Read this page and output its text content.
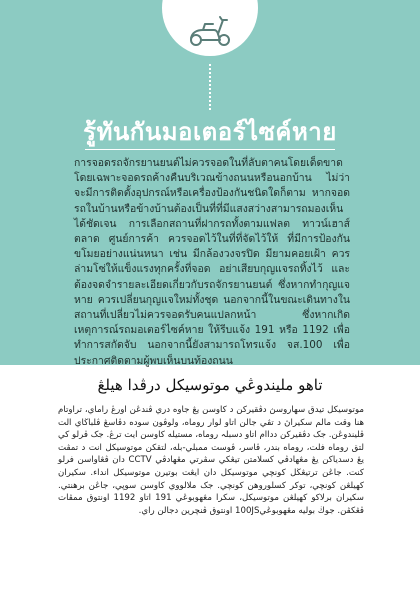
รู้ทันกันมอเตอร์ไซค์หาย
การจอดรถจักรยานยนต์ไม่ควรจอดในที่ลับตาคนโดยเด็ดขาด โดยเฉพาะจอดรถค้างคืนบริเวณข้างถนนหรือนอกบ้าน ไม่ว่าจะมีการติดตั้งอุปกรณ์หรือเครื่องป้องกันชนิดใดก็ตาม หากจอดรถในบ้านหรือข้างบ้านต้องเป็นที่ที่มีแสงสว่างสามารถมองเห็นได้ชัดเจน การเลือกสถานที่ฝากรถทั้งตามแฟลต ทาวน์เฮาส์ ตลาด ศูนย์การค้า ควรจอดไว้ในที่ที่จัดไว้ให้ ที่มีการป้องกันขโมยอย่างแน่นหนา เช่น มีกล้องวงจรปิด มียามคอยเฝ้า ควรล่ามโซ่ให้แข็งแรงทุกครั้งที่จอด อย่าเสียบกุญแจรถทิ้งไว้ และต้องจดจำรายละเอียดเกี่ยวกับรถจักรยานยนต์ ซึ่งหากทำกุญแจหาย ควรเปลี่ยนกุญแจใหม่ทั้งชุด นอกจากนี้ในขณะเดินทางในสถานที่เปลี่ยวไม่ควรจอดรับคนแปลกหน้า ซึ่งหากเกิดเหตุการณ์รถมอเตอร์ไซค์หาย ให้รีบแจ้ง 191 หรือ 1192 เพื่อทำการสกัดจับ นอกจากนี้ยังสามารถโทรแจ้ง จส.100 เพื่อประกาศติดตามผู้พบเห็นบนท้องถนน
تاهو مليندوڠي موتوسيكل درڤدا هيلڠ
موتوسيكل تيدق سهاروسڽ دڤقيركن د کاوسن يڠ جاوه دري ڤندڠن اورڠ راماي، تراوتام هنا وقت مالم سکيراڽ د تڤي جالن اتاو لوار روماه، ولوڤون سوده دڤاسڠ ڤلباڬاي الت ڤليندوڠن. جک دڤقيركن دداام اتاو دسبلہ روماه، مستيله کاوسن ايت ترڠ. جک ڤرلو کي لتق روماه فلت، روماه بندر، ڤاسر، ڤوست ممبلي-بله، لتقکن موتوسيكل انت د تمڤت يڠ دسدياکن يڠ مڠهادڤي کسلامتن تيڠکي سڤرتي مڠهادڤي CCTV دان ڤڠاواسن فرلو کنت. جاڠن ترتيڠڬل کونچي موتوسيكل دان ايڠت بوتيرن موتوسيكل انداء. سکيران کهيلڠن کونچي، توکر کسلوروهن کونچي. جک ملالووي کاوسن سوڽي، جاڠن برهنتي. سکيران برلاکو کهيلڠن موتوسيكل، سکرا مڠهوبوڠي 191 اتاو 1192 اونتوق ممڤات ڤڠکڤن. جوڬ بوليه مڠهوبوڠي100JS اونتوق ڤنچرين دجالن راي.
